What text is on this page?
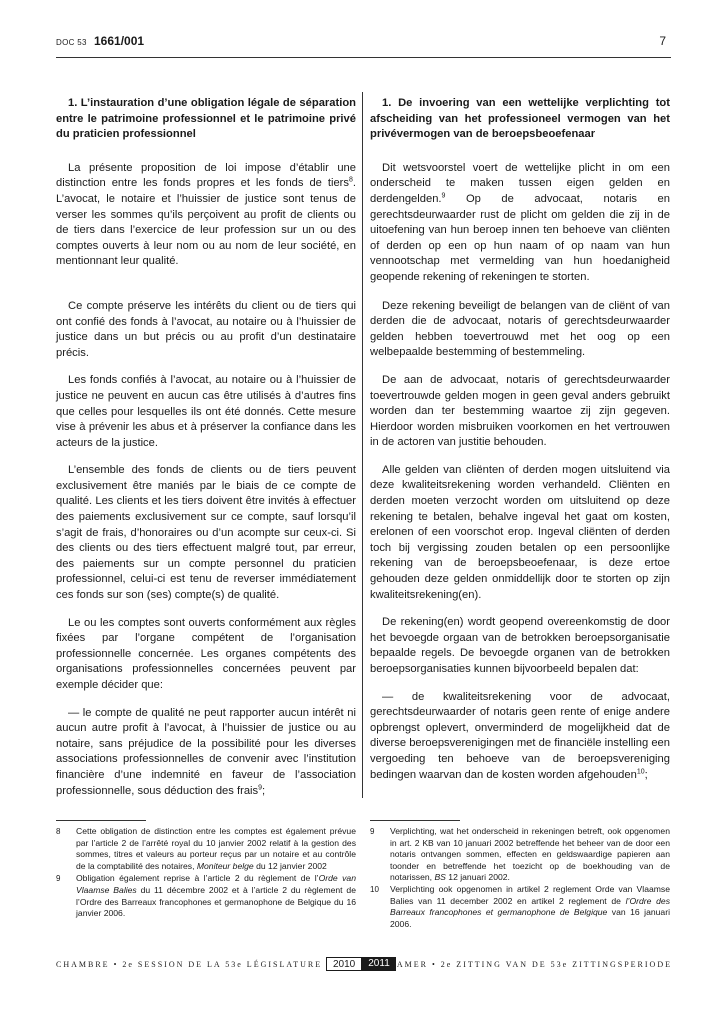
DOC 53 1661/001	7
1. L’instauration d’une obligation légale de séparation entre le patrimoine professionnel et le patrimoine privé du praticien professionnel

La présente proposition de loi impose d’établir une distinction entre les fonds propres et les fonds de tiers$^8$. L’avocat, le notaire et l’huissier de justice sont tenus de verser les sommes qu’ils perçoivent au profit de clients ou de tiers dans l’exercice de leur profession sur un ou des comptes ouverts à leur nom ou au nom de leur société, en mentionnant leur qualité.

Ce compte préserve les intérêts du client ou de tiers qui ont confié des fonds à l’avocat, au notaire ou à l’huissier de justice dans un but précis ou au profit d’un destinataire précis.

Les fonds confiés à l’avocat, au notaire ou à l’huissier de justice ne peuvent en aucun cas être utilisés à d’autres fins que celles pour lesquelles ils ont été donnés. Cette mesure vise à prévenir les abus et à préserver la confiance dans les acteurs de la justice.

L’ensemble des fonds de clients ou de tiers peuvent exclusivement être maniés par le biais de ce compte de qualité. Les clients et les tiers doivent être invités à effectuer des paiements exclusivement sur ce compte, sauf lorsqu’il s’agit de frais, d’honoraires ou d’un acompte sur ceux-ci. Si des clients ou des tiers effectuent malgré tout, par erreur, des paiements sur un compte personnel du praticien professionnel, celui-ci est tenu de reverser immédiatement ces fonds sur son (ses) compte(s) de qualité.

Le ou les comptes sont ouverts conformément aux règles fixées par l’organe compétent de l’organisation professionnelle concernée. Les organes compétents des organisations professionnelles concernées peuvent par exemple décider que:

— le compte de qualité ne peut rapporter aucun intérêt ni aucun autre profit à l’avocat, à l’huissier de justice ou au notaire, sans préjudice de la possibilité pour les diverses associations professionnelles de convenir avec l’institution financière d’une indemnité en faveur de l’association professionnelle, sous déduction des frais$^9$;

1. De invoering van een wettelijke verplichting tot afscheiding van het professioneel vermogen van het privévermogen van de beroepsbeoefenaar

Dit wetsvoorstel voert de wettelijke plicht in om een onderscheid te maken tussen eigen gelden en derdengelden.$^9$ Op de advocaat, notaris en gerechtsdeurwaarder rust de plicht om gelden die zij in de uitoefening van hun beroep innen ten behoeve van cliënten of derden op een op hun naam of op naam van hun vennootschap met vermelding van hun hoedanigheid geopende rekening of rekeningen te storten.

Deze rekening beveiligt de belangen van de cliënt of van derden die de advocaat, notaris of gerechtsdeurwaarder gelden hebben toevertrouwd met het oog op een welbepaalde bestemming of bestemmeling.

De aan de advocaat, notaris of gerechtsdeurwaarder toevertrouwde gelden mogen in geen geval anders gebruikt worden dan ter bestemming waartoe zij zijn gegeven. Hierdoor worden misbruiken voorkomen en het vertrouwen in de actoren van justitie behouden.

Alle gelden van cliënten of derden mogen uitsluitend via deze kwaliteitsrekening worden verhandeld. Cliënten en derden moeten verzocht worden om uitsluitend op deze rekening te betalen, behalve ingeval het gaat om kosten, erelonen of een voorschot erop. Ingeval cliënten of derden toch bij vergissing zouden betalen op een persoonlijke rekening van de beroepsbeoefenaar, is deze ertoe gehouden deze gelden onmiddellijk door te storten op zijn kwaliteitsrekening(en).

De rekening(en) wordt geopend overeenkomstig de door het bevoegde orgaan van de betrokken beroepsorganisatie bepaalde regels. De bevoegde organen van de betrokken beroepsorganisaties kunnen bijvoorbeeld bepalen dat:

— de kwaliteitsrekening voor de advocaat, gerechtsdeurwaarder of notaris geen rente of enige andere opbrengst oplevert, onverminderd de mogelijkheid dat de diverse beroepsverenigingen met de financiële instelling een vergoeding ten behoeve van de beroepsvereniging bedingen waarvan dan de kosten worden afgehouden$^{10}$;

8 Cette obligation de distinction entre les comptes est également prévue par l’article 2 de l’arrêté royal du 10 janvier 2002 relatif à la gestion des sommes, titres et valeurs au porteur reçus par un notaire et au contrôle de la comptabilité des notaires, Moniteur belge du 12 janvier 2002
9 Obligation également reprise à l’article 2 du règlement de l’Orde van Vlaamse Balies du 11 décembre 2002 et à l’article 2 du règlement de l’Ordre des Barreaux francophones et germanophone de Belgique du 16 janvier 2006.
9 Verplichting, wat het onderscheid in rekeningen betreft, ook opgenomen in art. 2 KB van 10 januari 2002 betreffende het beheer van de door een notaris ontvangen sommen, effecten en geldswaardige papieren aan toonder en betreffende het toezicht op de boekhouding van de notarissen, BS 12 januari 2002.
10 Verplichting ook opgenomen in artikel 2 reglement Orde van Vlaamse Balies van 11 december 2002 en artikel 2 reglement de l’Ordre des Barreaux francophones et germanophone de Belgique van 16 januari 2006.
CHAMBRE • 2e SESSION DE LA 53e LÉGISLATURE	2010	2011 KAMER • 2e ZITTING VAN DE 53e ZITTINGSPERIODE
